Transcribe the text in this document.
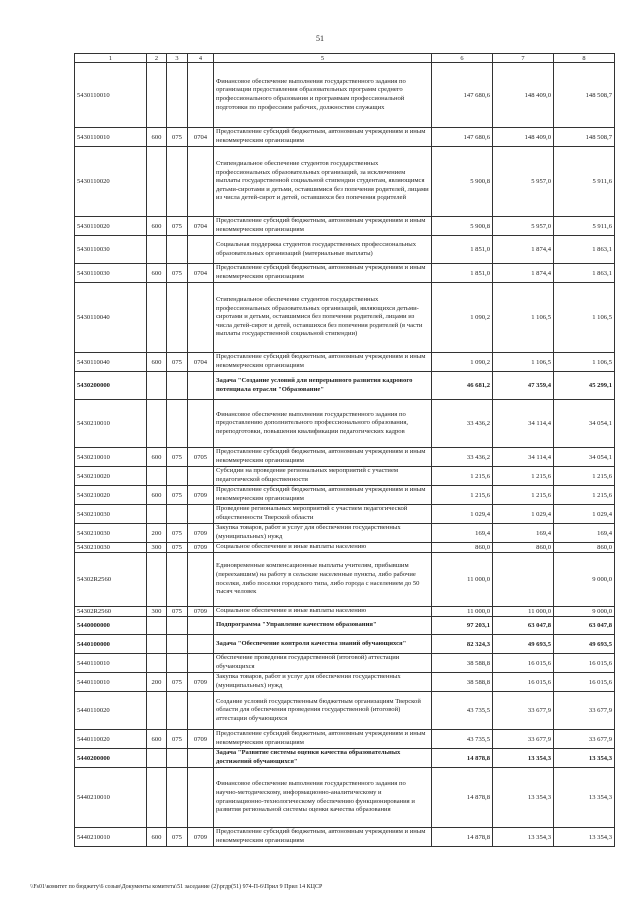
51
1	2	3	4	5	6	7	8
5430110010				Финансовое обеспечение выполнения государственного задания по организации предоставления образовательных программ среднего профессионального образования и программам профессиональной подготовки по профессиям рабочих, должностям служащих	147 680,6	148 409,0	148 508,7
5430110010	600	075	0704	Предоставление субсидий бюджетным, автономным учреждениям и иным некоммерческим организациям	147 680,6	148 409,0	148 508,7
5430110020				Стипендиальное обеспечение студентов государственных профессиональных образовательных организаций, за исключением выплаты государственной социальной стипендии студентам, являющимся детьми-сиротами и детьми, оставшимися без попечения родителей, лицами из числа детей-сирот и детей, оставшихся без попечения родителей	5 900,8	5 957,0	5 911,6
5430110020	600	075	0704	Предоставление субсидий бюджетным, автономным учреждениям и иным некоммерческим организациям	5 900,8	5 957,0	5 911,6
5430110030				Социальная поддержка студентов государственных профессиональных образовательных организаций (материальные выплаты)	1 851,0	1 874,4	1 863,1
5430110030	600	075	0704	Предоставление субсидий бюджетным, автономным учреждениям и иным некоммерческим организациям	1 851,0	1 874,4	1 863,1
5430110040				Стипендиальное обеспечение студентов государственных профессиональных образовательных организаций, являющихся детьми-сиротами и детьми, оставшимися без попечения родителей, лицами из числа детей-сирот и детей, оставшихся без попечения родителей (в части выплаты государственной социальной стипендии)	1 090,2	1 106,5	1 106,5
5430110040	600	075	0704	Предоставление субсидий бюджетным, автономным учреждениям и иным некоммерческим организациям	1 090,2	1 106,5	1 106,5
5430200000				Задача "Создание условий для непрерывного развития кадрового потенциала отрасли "Образование"	46 681,2	47 359,4	45 299,1
5430210010				Финансовое обеспечение выполнения государственного задания по предоставлению дополнительного профессионального образования, переподготовки, повышения квалификации педагогических кадров	33 436,2	34 114,4	34 054,1
5430210010	600	075	0705	Предоставление субсидий бюджетным, автономным учреждениям и иным некоммерческим организациям	33 436,2	34 114,4	34 054,1
5430210020				Субсидии на проведение региональных мероприятий с участием педагогической общественности	1 215,6	1 215,6	1 215,6
5430210020	600	075	0709	Предоставление субсидий бюджетным, автономным учреждениям и иным некоммерческим организациям	1 215,6	1 215,6	1 215,6
5430210030				Проведение региональных мероприятий с участием педагогической общественности Тверской области	1 029,4	1 029,4	1 029,4
5430210030	200	075	0709	Закупка товаров, работ и услуг для обеспечения государственных (муниципальных) нужд	169,4	169,4	169,4
5430210030	300	075	0709	Социальное обеспечение и иные выплаты населению	860,0	860,0	860,0
54302R2560				Единовременные компенсационные выплаты учителям, прибывшим (переехавшим) на работу в сельские населенные пункты, либо рабочие поселки, либо поселки городского типа, либо города с населением до 50 тысяч человек	11 000,0		9 000,0
54302R2560	300	075	0709	Социальное обеспечение и иные выплаты населению	11 000,0	11 000,0	9 000,0
5440000000				Подпрограмма "Управление качеством образования"	97 203,1	63 047,8	63 047,8
5440100000				Задача "Обеспечение контроля качества знаний обучающихся"	82 324,3	49 693,5	49 693,5
5440110010				Обеспечение проведения государственной (итоговой) аттестации обучающихся	38 588,8	16 015,6	16 015,6
5440110010	200	075	0709	Закупка товаров, работ и услуг для обеспечения государственных (муниципальных) нужд	38 588,8	16 015,6	16 015,6
5440110020				Создание условий государственным бюджетным организациям Тверской области для обеспечения проведения государственной (итоговой) аттестации обучающихся	43 735,5	33 677,9	33 677,9
5440110020	600	075	0709	Предоставление субсидий бюджетным, автономным учреждениям и иным некоммерческим организациям	43 735,5	33 677,9	33 677,9
5440200000				Задача "Развитие системы оценки качества образовательных достижений обучающихся"	14 878,8	13 354,3	13 354,3
5440210010				Финансовое обеспечение выполнения государственного задания по научно-методическому, информационно-аналитическому и организационно-технологическому обеспечению функционирования и развития региональной системы оценки качества образования	14 878,8	13 354,3	13 354,3
5440210010	600	075	0709	Предоставление субсидий бюджетным, автономным учреждениям и иным некоммерческим организациям	14 878,8	13 354,3	13 354,3
\\Fs01\комитет по бюджету\6 созыв\Документы комитета\51 заседание (2)\ргдр(51) 974-П-6\Прил 9 Прил 14 КЦСР
